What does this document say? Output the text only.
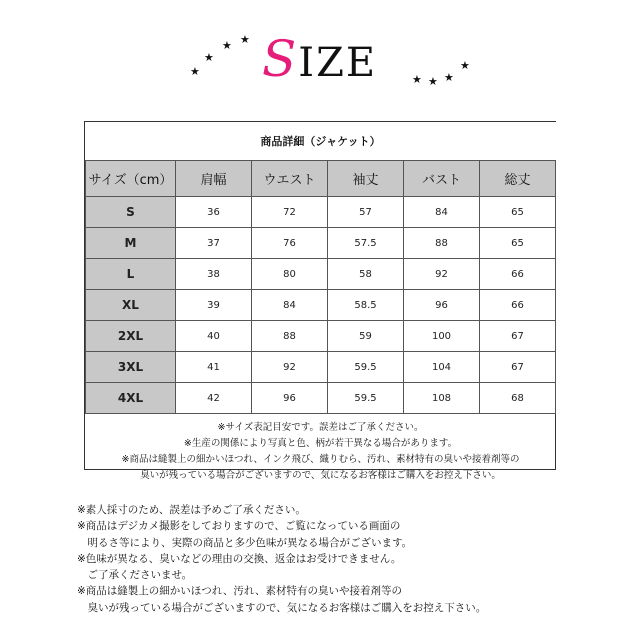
★
★
★ ★ SIZE	★ ★ ★
★
商品詳細（ジャケット）					
サイズ（cm）	肩幅	ウエスト	袖丈	バスト	総丈
S	36	72	57	84	65
M	37	76	57.5	88	65
L	38	80	58	92	66
XL	39	84	58.5	96	66
2XL	40	88	59	100	67
3XL	41	92	59.5	104	67
4XL	42	96	59.5	108	68

※サイズ表記目安です。誤差はご了承ください。
※生産の関係により写真と色、柄が若干異なる場合があります。
※商品は縫製上の細かいほつれ、インク飛び、織りむら、汚れ、素材特有の臭いや接着剤等の
臭いが残っている場合がございますので、気になるお客様はご購入をお控え下さい。					
※素人採寸のため、誤差は予めご了承ください。
※商品はデジカメ撮影をしておりますので、ご覧になっている画面の
　明るさ等により、実際の商品と多少色味が異なる場合がございます。
※色味が異なる、臭いなどの理由の交換、返金はお受けできません。
　ご了承くださいませ。
※商品は縫製上の細かいほつれ、汚れ、素材特有の臭いや接着剤等の
　臭いが残っている場合がございますので、気になるお客様はご購入をお控え下さい。
